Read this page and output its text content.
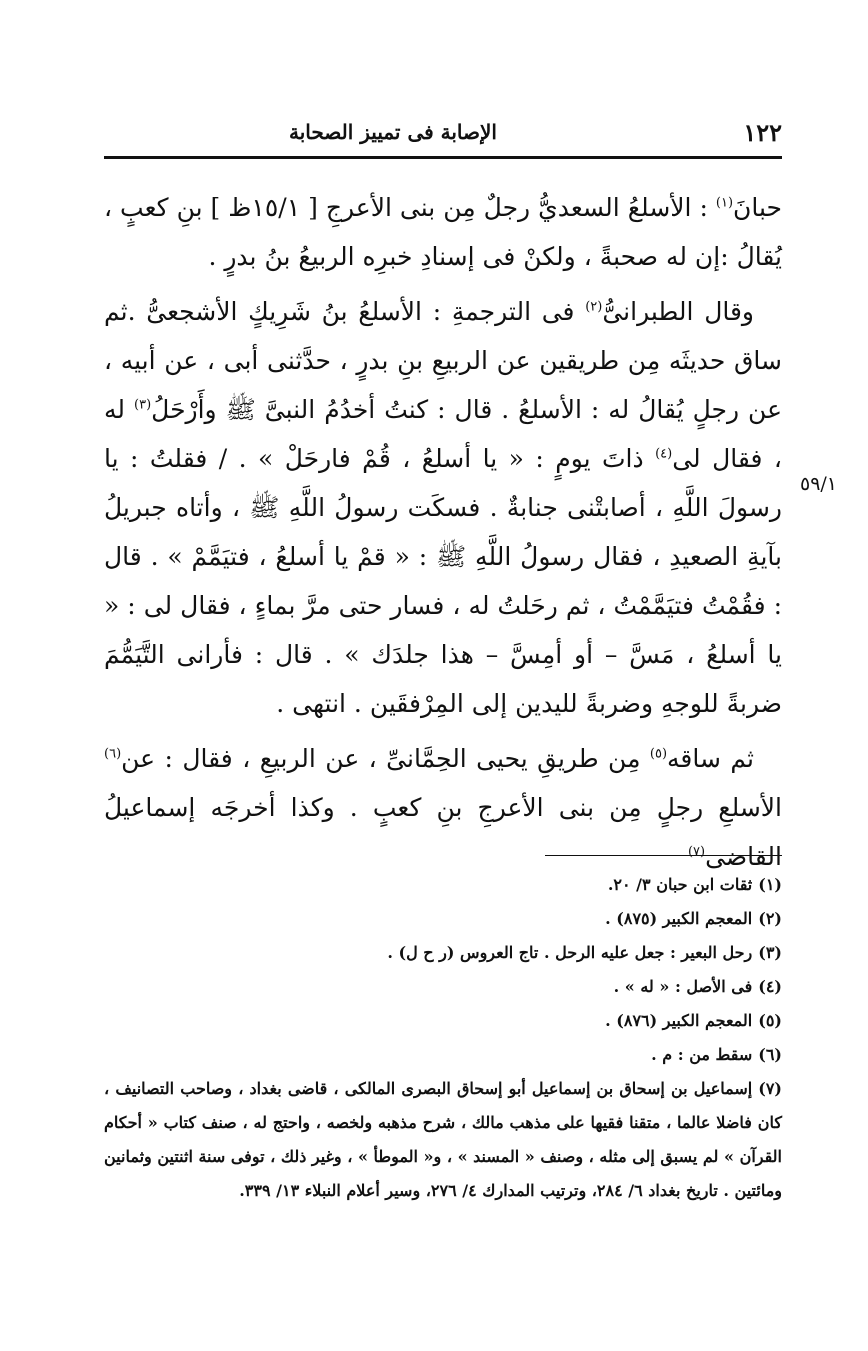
١٢٢
الإصابة فى تمييز الصحابة
٥٩/١

حبانَ$^{(١)}$ : الأسلعُ السعديُّ رجلٌ مِن بنى الأعرجِ [ ١٥/١ظ ] بنِ كعبٍ ، يُقالُ :إن له صحبةً ، ولكنْ فى إسنادِ خبرِه الربيعُ بنُ بدرٍ .

وقال الطبرانىُّ$^{(٢)}$ فى الترجمةِ : الأسلعُ بنُ شَرِيكٍ الأشجعىُّ .ثم ساق حديثَه مِن طريقين عن الربيعِ بنِ بدرٍ ، حدَّثنى أبى ، عن أبيه ، عن رجلٍ يُقالُ له : الأسلعُ . قال : كنتُ أخدُمُ النبىَّ ﷺ وأَرْحَلُ$^{(٣)}$ له ، فقال لى$^{(٤)}$ ذاتَ يومٍ : « يا أسلعُ ، قُمْ فارحَلْ » . / فقلتُ : يا رسولَ اللَّهِ ، أصابتْنى جنابةٌ . فسكَت رسولُ اللَّهِ ﷺ ، وأتاه جبريلُ بآيةِ الصعيدِ ، فقال رسولُ اللَّهِ ﷺ : « قمْ يا أسلعُ ، فتيَمَّمْ » . قال : فقُمْتُ فتيَمَّمْتُ ، ثم رحَلتُ له ، فسار حتى مرَّ بماءٍ ، فقال لى : « يا أسلعُ ، مَسَّ – أو أمِسَّ – هذا جلدَك » . قال : فأرانى التَّيَمُّمَ ضربةً للوجهِ وضربةً لليدين إلى المِرْفقَين . انتهى .

ثم ساقه$^{(٥)}$ مِن طريقِ يحيى الحِمَّانىِّ ، عن الربيعِ ، فقال : عن$^{(٦)}$ الأسلعِ رجلٍ مِن بنى الأعرجِ بنِ كعبٍ . وكذا أخرجَه إسماعيلُ القاضى$^{(٧)}$

(١)ثقات ابن حبان ٣/ ٢٠.

(٢)المعجم الكبير (٨٧٥) .

(٣)رحل البعير : جعل عليه الرحل . تاج العروس (ر ح ل) .

(٤)فى الأصل : « له » .

(٥)المعجم الكبير (٨٧٦) .

(٦)سقط من : م .

(٧)إسماعيل بن إسحاق بن إسماعيل أبو إسحاق البصرى المالكى ، قاضى بغداد ، وصاحب التصانيف ، كان فاضلا عالما ، متقنا فقيها على مذهب مالك ، شرح مذهبه ولخصه ، واحتج له ، صنف كتاب « أحكام القرآن » لم يسبق إلى مثله ، وصنف « المسند » ، و« الموطأ » ، وغير ذلك ، توفى سنة اثنتين وثمانين ومائتين . تاريخ بغداد ٦/ ٢٨٤، وترتيب المدارك ٤/ ٢٧٦، وسير أعلام النبلاء ١٣/ ٣٣٩.
